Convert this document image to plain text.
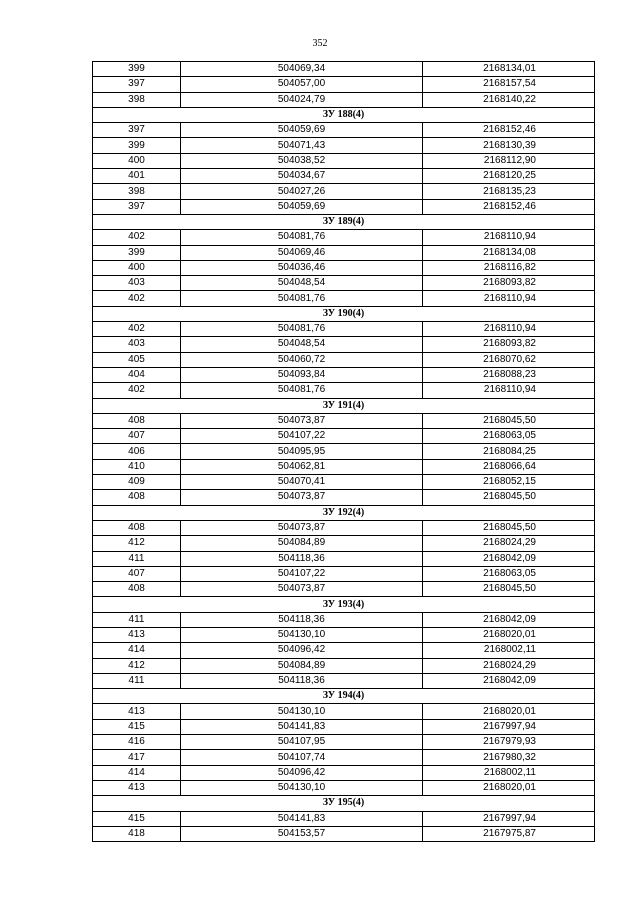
352
399	504069,34	2168134,01
397	504057,00	2168157,54
398	504024,79	2168140,22
ЗУ 188(4)		
397	504059,69	2168152,46
399	504071,43	2168130,39
400	504038,52	2168112,90
401	504034,67	2168120,25
398	504027,26	2168135,23
397	504059,69	2168152,46
ЗУ 189(4)		
402	504081,76	2168110,94
399	504069,46	2168134,08
400	504036,46	2168116,82
403	504048,54	2168093,82
402	504081,76	2168110,94
ЗУ 190(4)		
402	504081,76	2168110,94
403	504048,54	2168093,82
405	504060,72	2168070,62
404	504093,84	2168088,23
402	504081,76	2168110,94
ЗУ 191(4)		
408	504073,87	2168045,50
407	504107,22	2168063,05
406	504095,95	2168084,25
410	504062,81	2168066,64
409	504070,41	2168052,15
408	504073,87	2168045,50
ЗУ 192(4)		
408	504073,87	2168045,50
412	504084,89	2168024,29
411	504118,36	2168042,09
407	504107,22	2168063,05
408	504073,87	2168045,50
ЗУ 193(4)		
411	504118,36	2168042,09
413	504130,10	2168020,01
414	504096,42	2168002,11
412	504084,89	2168024,29
411	504118,36	2168042,09
ЗУ 194(4)		
413	504130,10	2168020,01
415	504141,83	2167997,94
416	504107,95	2167979,93
417	504107,74	2167980,32
414	504096,42	2168002,11
413	504130,10	2168020,01
ЗУ 195(4)		
415	504141,83	2167997,94
418	504153,57	2167975,87
